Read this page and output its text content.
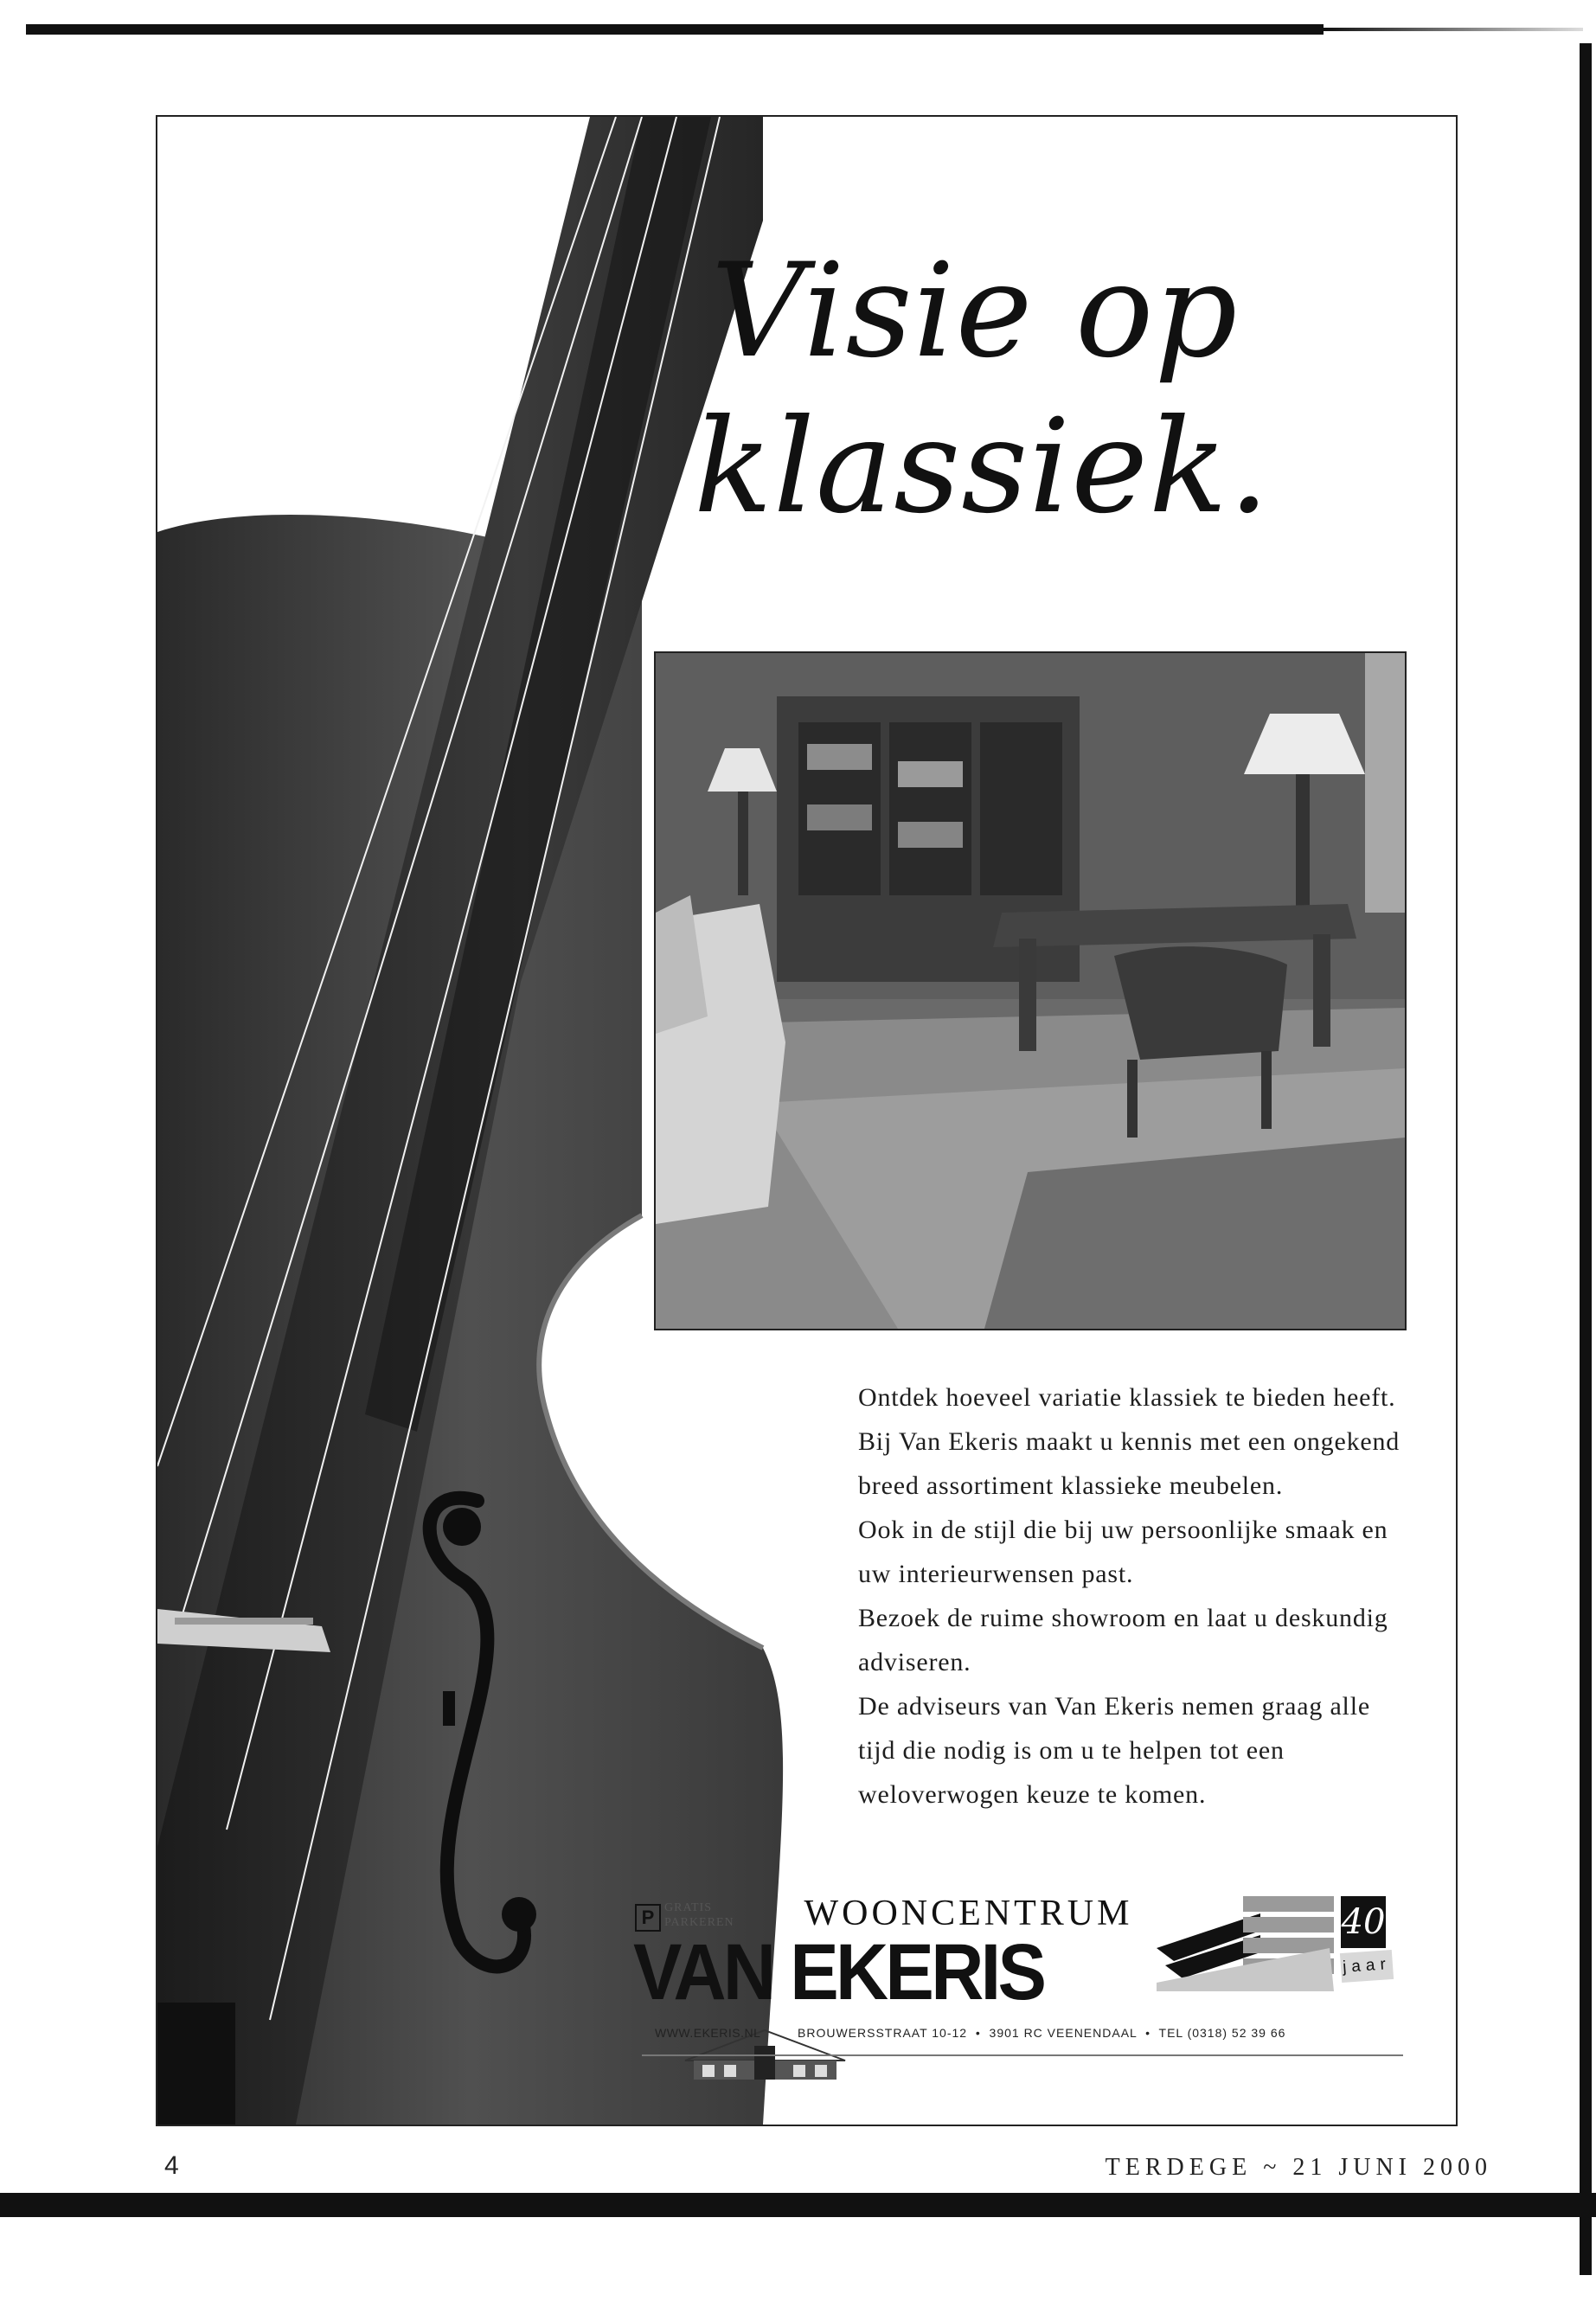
Visie op
klassiek.

Ontdek hoeveel variatie klassiek te bieden heeft. Bij Van Ekeris maakt u kennis met een ongekend breed assortiment klassieke meubelen.

Ook in de stijl die bij uw persoonlijke smaak en uw interieurwensen past.

Bezoek de ruime showroom en laat u deskundig adviseren.

De adviseurs van Van Ekeris nemen graag alle tijd die nodig is om u te helpen tot een weloverwogen keuze te komen.

P GRATIS
PARKEREN	WOONCENTRUM
VAN EKERIS
40
jaar
WWW.EKERIS.NL	BROUWERSSTRAAT 10-12  •  3901 RC VEENENDAAL  •  TEL (0318) 52 39 66
4	TERDEGE ~ 21 JUNI 2000
